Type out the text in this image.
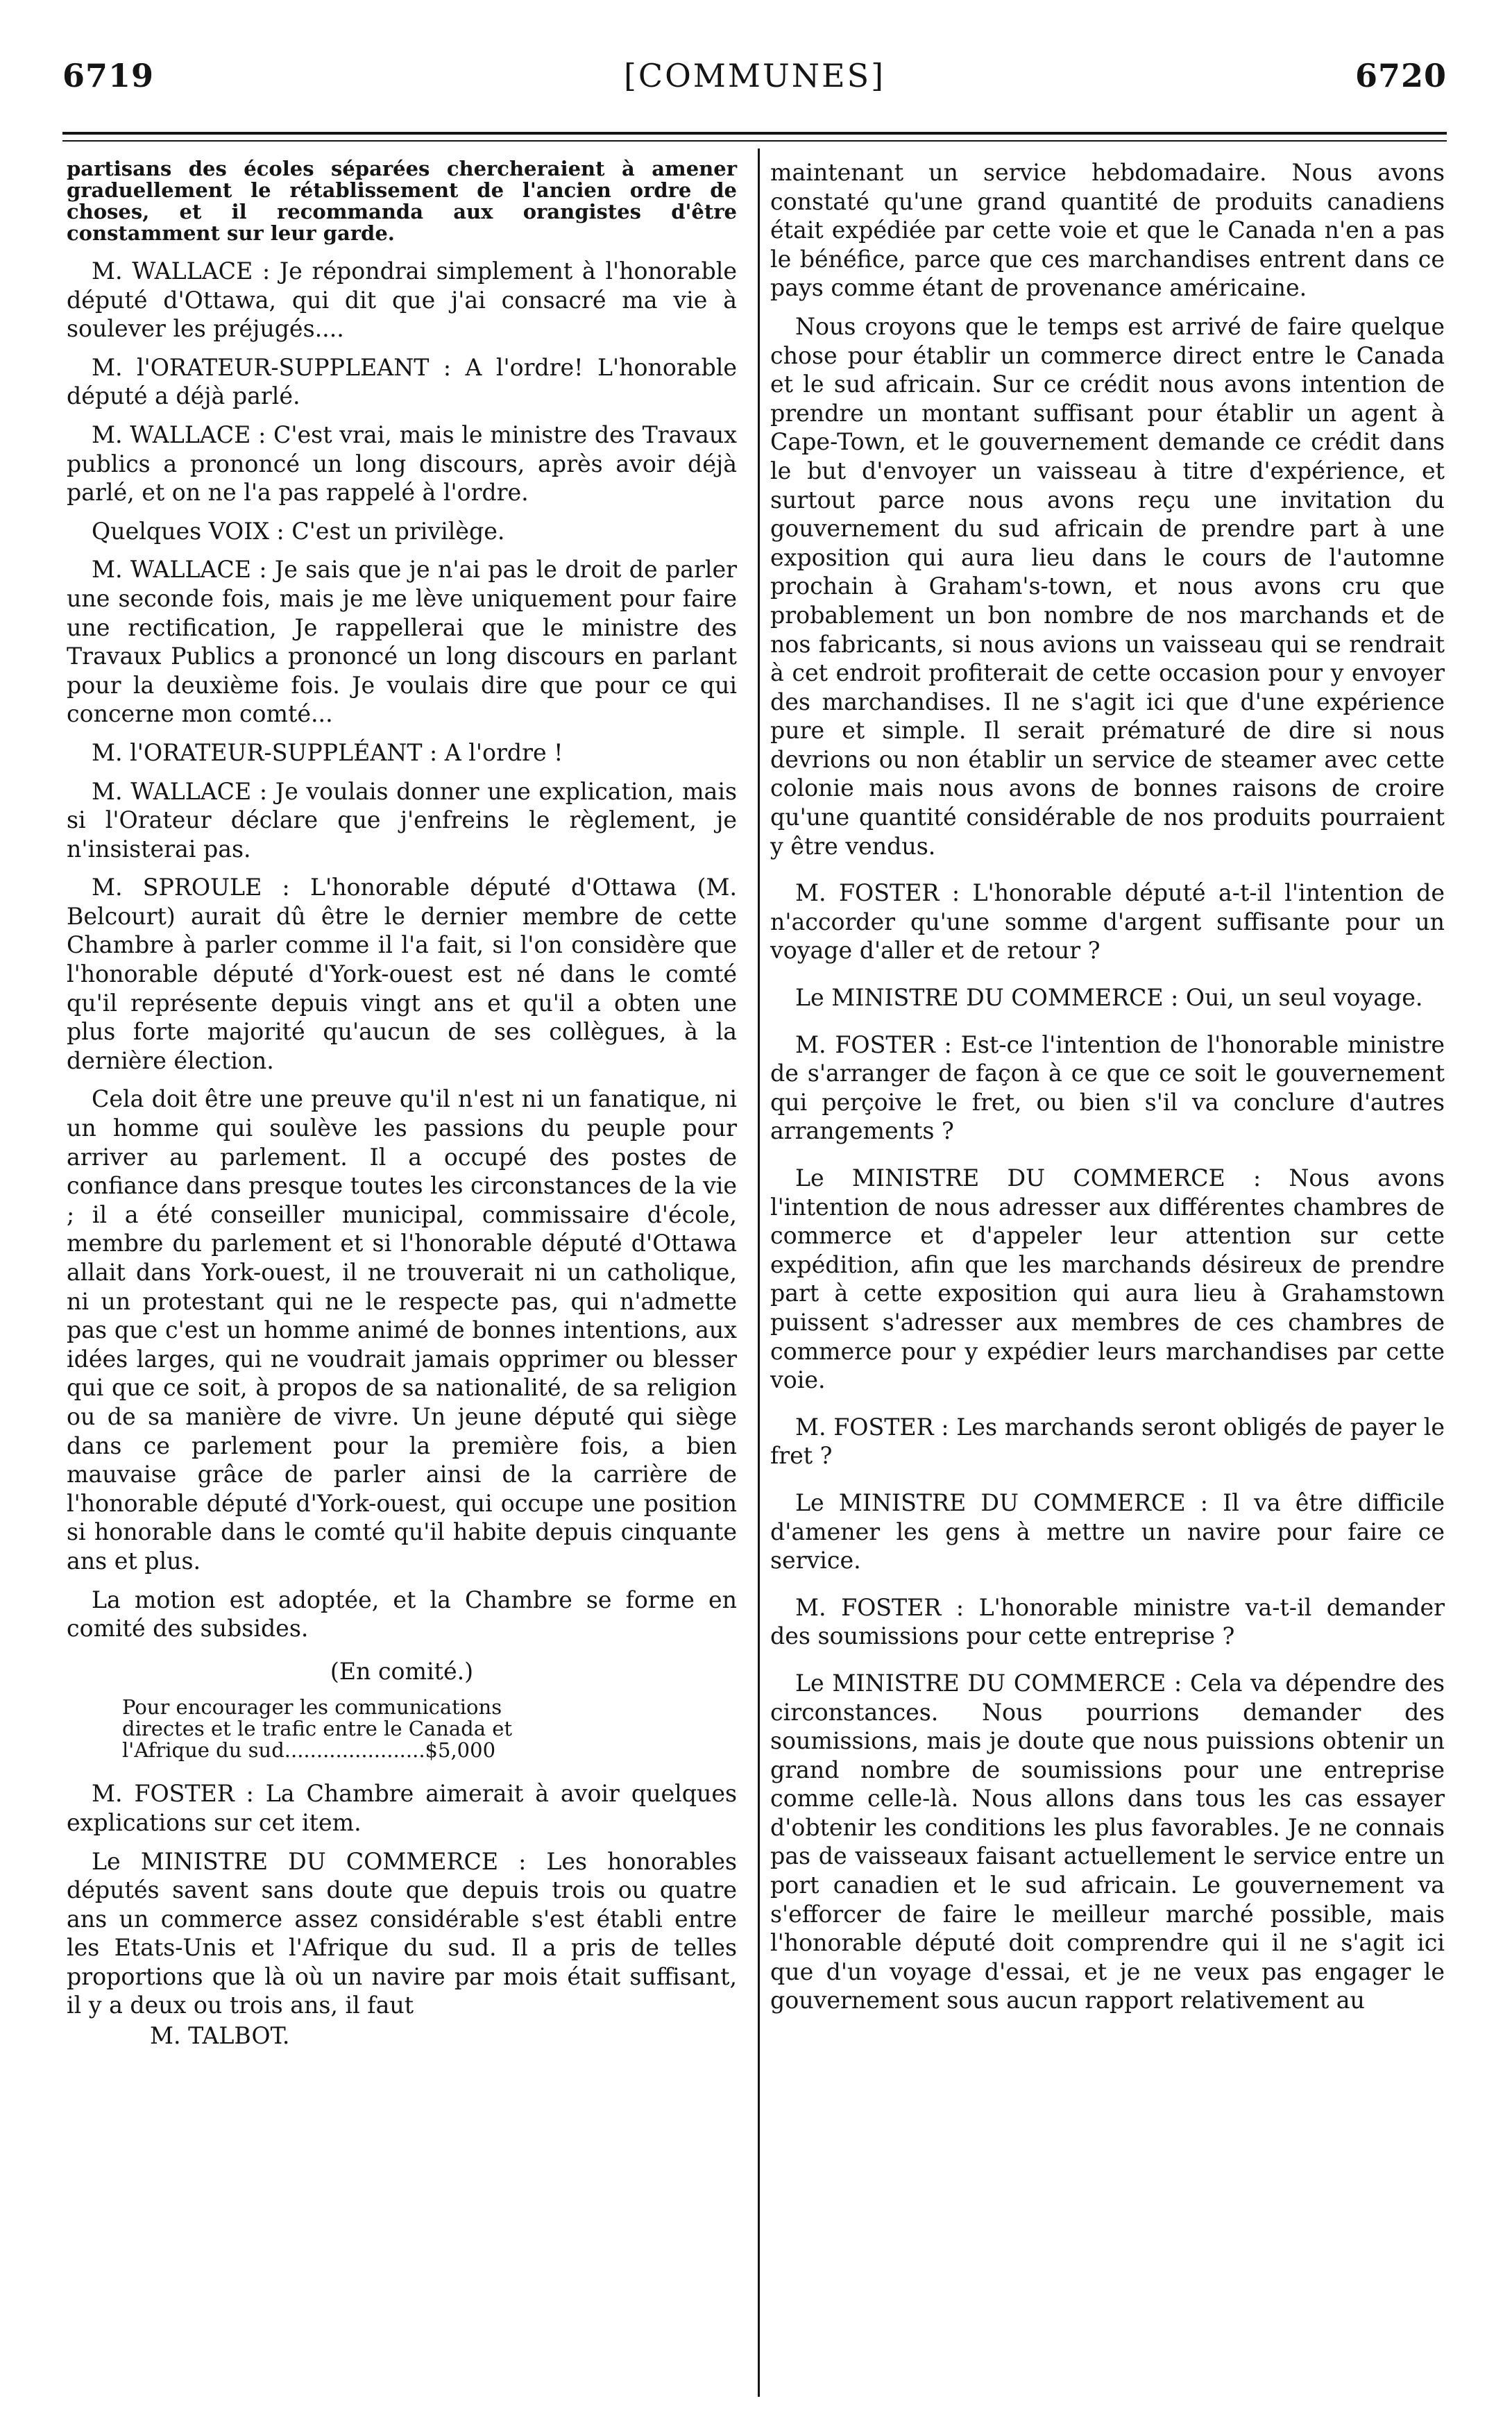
6719	[COMMUNES]	6720

partisans des écoles séparées chercheraient à amener graduellement le rétablissement de l'ancien ordre de choses, et il recommanda aux orangistes d'être constamment sur leur garde.

M. WALLACE : Je répondrai simplement à l'honorable député d'Ottawa, qui dit que j'ai consacré ma vie à soulever les préjugés....

M. l'ORATEUR-SUPPLEANT : A l'ordre! L'honorable député a déjà parlé.

M. WALLACE : C'est vrai, mais le ministre des Travaux publics a prononcé un long discours, après avoir déjà parlé, et on ne l'a pas rappelé à l'ordre.

Quelques VOIX : C'est un privilège.

M. WALLACE : Je sais que je n'ai pas le droit de parler une seconde fois, mais je me lève uniquement pour faire une rectification, Je rappellerai que le ministre des Travaux Publics a prononcé un long discours en parlant pour la deuxième fois. Je voulais dire que pour ce qui concerne mon comté...

M. l'ORATEUR-SUPPLÉANT : A l'ordre !

M. WALLACE : Je voulais donner une explication, mais si l'Orateur déclare que j'enfreins le règlement, je n'insisterai pas.

M. SPROULE : L'honorable député d'Ottawa (M. Belcourt) aurait dû être le dernier membre de cette Chambre à parler comme il l'a fait, si l'on considère que l'honorable député d'York-ouest est né dans le comté qu'il représente depuis vingt ans et qu'il a obten une plus forte majorité qu'aucun de ses collègues, à la dernière élection.

Cela doit être une preuve qu'il n'est ni un fanatique, ni un homme qui soulève les passions du peuple pour arriver au parlement. Il a occupé des postes de confiance dans presque toutes les circonstances de la vie ; il a été conseiller municipal, commissaire d'école, membre du parlement et si l'honorable député d'Ottawa allait dans York-ouest, il ne trouverait ni un catholique, ni un protestant qui ne le respecte pas, qui n'admette pas que c'est un homme animé de bonnes intentions, aux idées larges, qui ne voudrait jamais opprimer ou blesser qui que ce soit, à propos de sa nationalité, de sa religion ou de sa manière de vivre. Un jeune député qui siège dans ce parlement pour la première fois, a bien mauvaise grâce de parler ainsi de la carrière de l'honorable député d'York-ouest, qui occupe une position si honorable dans le comté qu'il habite depuis cinquante ans et plus.

La motion est adoptée, et la Chambre se forme en comité des subsides.

(En comité.)

Pour encourager les communications
directes et le trafic entre le Canada et
l'Afrique du sud......................$5,000

M. FOSTER : La Chambre aimerait à avoir quelques explications sur cet item.

Le MINISTRE DU COMMERCE : Les honorables députés savent sans doute que depuis trois ou quatre ans un commerce assez considérable s'est établi entre les Etats-Unis et l'Afrique du sud. Il a pris de telles proportions que là où un navire par mois était suffisant, il y a deux ou trois ans, il faut

M. TALBOT.

maintenant un service hebdomadaire. Nous avons constaté qu'une grand quantité de produits canadiens était expédiée par cette voie et que le Canada n'en a pas le bénéfice, parce que ces marchandises entrent dans ce pays comme étant de provenance américaine.

Nous croyons que le temps est arrivé de faire quelque chose pour établir un commerce direct entre le Canada et le sud africain. Sur ce crédit nous avons intention de prendre un montant suffisant pour établir un agent à Cape-Town, et le gouvernement demande ce crédit dans le but d'envoyer un vaisseau à titre d'expérience, et surtout parce nous avons reçu une invitation du gouvernement du sud africain de prendre part à une exposition qui aura lieu dans le cours de l'automne prochain à Graham's-town, et nous avons cru que probablement un bon nombre de nos marchands et de nos fabricants, si nous avions un vaisseau qui se rendrait à cet endroit profiterait de cette occasion pour y envoyer des marchandises. Il ne s'agit ici que d'une expérience pure et simple. Il serait prématuré de dire si nous devrions ou non établir un service de steamer avec cette colonie mais nous avons de bonnes raisons de croire qu'une quantité considérable de nos produits pourraient y être vendus.

M. FOSTER : L'honorable député a-t-il l'intention de n'accorder qu'une somme d'argent suffisante pour un voyage d'aller et de retour ?

Le MINISTRE DU COMMERCE : Oui, un seul voyage.

M. FOSTER : Est-ce l'intention de l'honorable ministre de s'arranger de façon à ce que ce soit le gouvernement qui perçoive le fret, ou bien s'il va conclure d'autres arrangements ?

Le MINISTRE DU COMMERCE : Nous avons l'intention de nous adresser aux différentes chambres de commerce et d'appeler leur attention sur cette expédition, afin que les marchands désireux de prendre part à cette exposition qui aura lieu à Grahamstown puissent s'adresser aux membres de ces chambres de commerce pour y expédier leurs marchandises par cette voie.

M. FOSTER : Les marchands seront obligés de payer le fret ?

Le MINISTRE DU COMMERCE : Il va être difficile d'amener les gens à mettre un navire pour faire ce service.

M. FOSTER : L'honorable ministre va-t-il demander des soumissions pour cette entreprise ?

Le MINISTRE DU COMMERCE : Cela va dépendre des circonstances. Nous pourrions demander des soumissions, mais je doute que nous puissions obtenir un grand nombre de soumissions pour une entreprise comme celle-là. Nous allons dans tous les cas essayer d'obtenir les conditions les plus favorables. Je ne connais pas de vaisseaux faisant actuellement le service entre un port canadien et le sud africain. Le gouvernement va s'efforcer de faire le meilleur marché possible, mais l'honorable député doit comprendre qui il ne s'agit ici que d'un voyage d'essai, et je ne veux pas engager le gouvernement sous aucun rapport relativement au
